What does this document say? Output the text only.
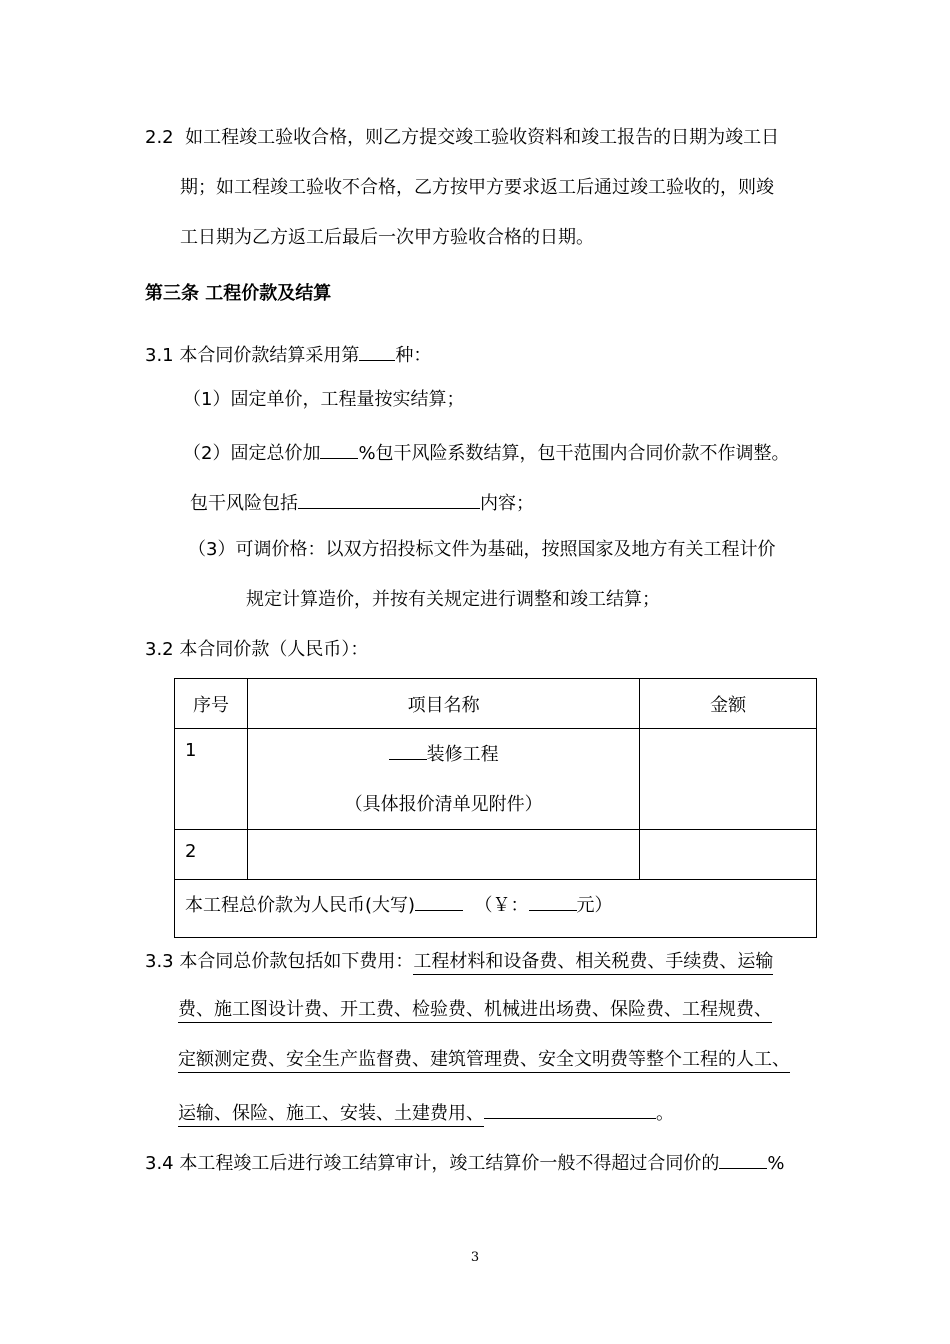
2.2 如工程竣工验收合格，则乙方提交竣工验收资料和竣工报告的日期为竣工日
期；如工程竣工验收不合格，乙方按甲方要求返工后通过竣工验收的，则竣
工日期为乙方返工后最后一次甲方验收合格的日期。
第三条 工程价款及结算
3.1 本合同价款结算采用第 种：
（1）固定单价，工程量按实结算；
（2）固定总价加 %包干风险系数结算，包干范围内合同价款不作调整。
包干风险包括	内容；
（3）可调价格：以双方招投标文件为基础，按照国家及地方有关工程计价
规定计算造价，并按有关规定进行调整和竣工结算；
3.2 本合同价款（人民币）：
序号	项目名称	金额
1	装修工程
（具体报价清单见附件）	

2		
本工程总价款为人民币(大写) （￥： 元）		
3.3 本合同总价款包括如下费用：工程材料和设备费、相关税费、手续费、运输
费、施工图设计费、开工费、检验费、机械进出场费、保险费、工程规费、
定额测定费、安全生产监督费、建筑管理费、安全文明费等整个工程的人工、
运输、保险、施工、安装、土建费用、	。
3.4 本工程竣工后进行竣工结算审计，竣工结算价一般不得超过合同价的	%
3
